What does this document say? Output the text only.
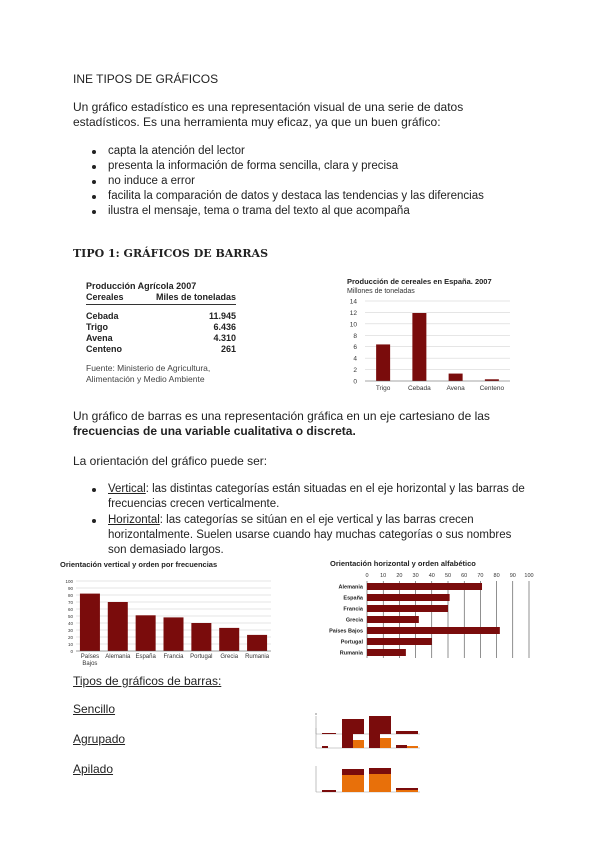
INE TIPOS DE GRÁFICOS
Un gráfico estadístico es una representación visual de una serie de datos estadísticos. Es una herramienta muy eficaz, ya que un buen gráfico:
capta la atención del lector
presenta la información de forma sencilla, clara y precisa
no induce a error
facilita la comparación de datos y destaca las tendencias y las diferencias
ilustra el mensaje, tema o trama del texto al que acompaña
TIPO 1: GRÁFICOS DE BARRAS
Producción Agrícola 2007
Cereales	Miles de toneladas
Cebada	11.945
Trigo	6.436
Avena	4.310
Centeno	261
Fuente: Ministerio de Agricultura,
Alimentación y Medio Ambiente
Producción de cereales en España. 2007
Millones de toneladas
0
2
4
6
8
10
12
14
Trigo	Cebada Avena Centeno
Un gráfico de barras es una representación gráfica en un eje cartesiano de las frecuencias de una variable cualitativa o discreta.
La orientación del gráfico puede ser:
Vertical: las distintas categorías están situadas en el eje horizontal y las barras de frecuencias crecen verticalmente.
Horizontal: las categorías se sitúan en el eje vertical y las barras crecen horizontalmente. Suelen usarse cuando hay muchas categorías o sus nombres son demasiado largos.
Orientación vertical y orden por frecuencias
0
10
20
30
40
50
60
70
80
90
100
Países
Bajos
Alemania España Francia Portugal Grecia Rumania
Orientación horizontal y orden alfabético
0 10 20 30 40 50 60 70 80 90 100
Alemania
España
Francia
Grecia
Países Bajos
Portugal
Rumania
Tipos de gráficos de barras:
Sencillo
Agrupado
Apilado
